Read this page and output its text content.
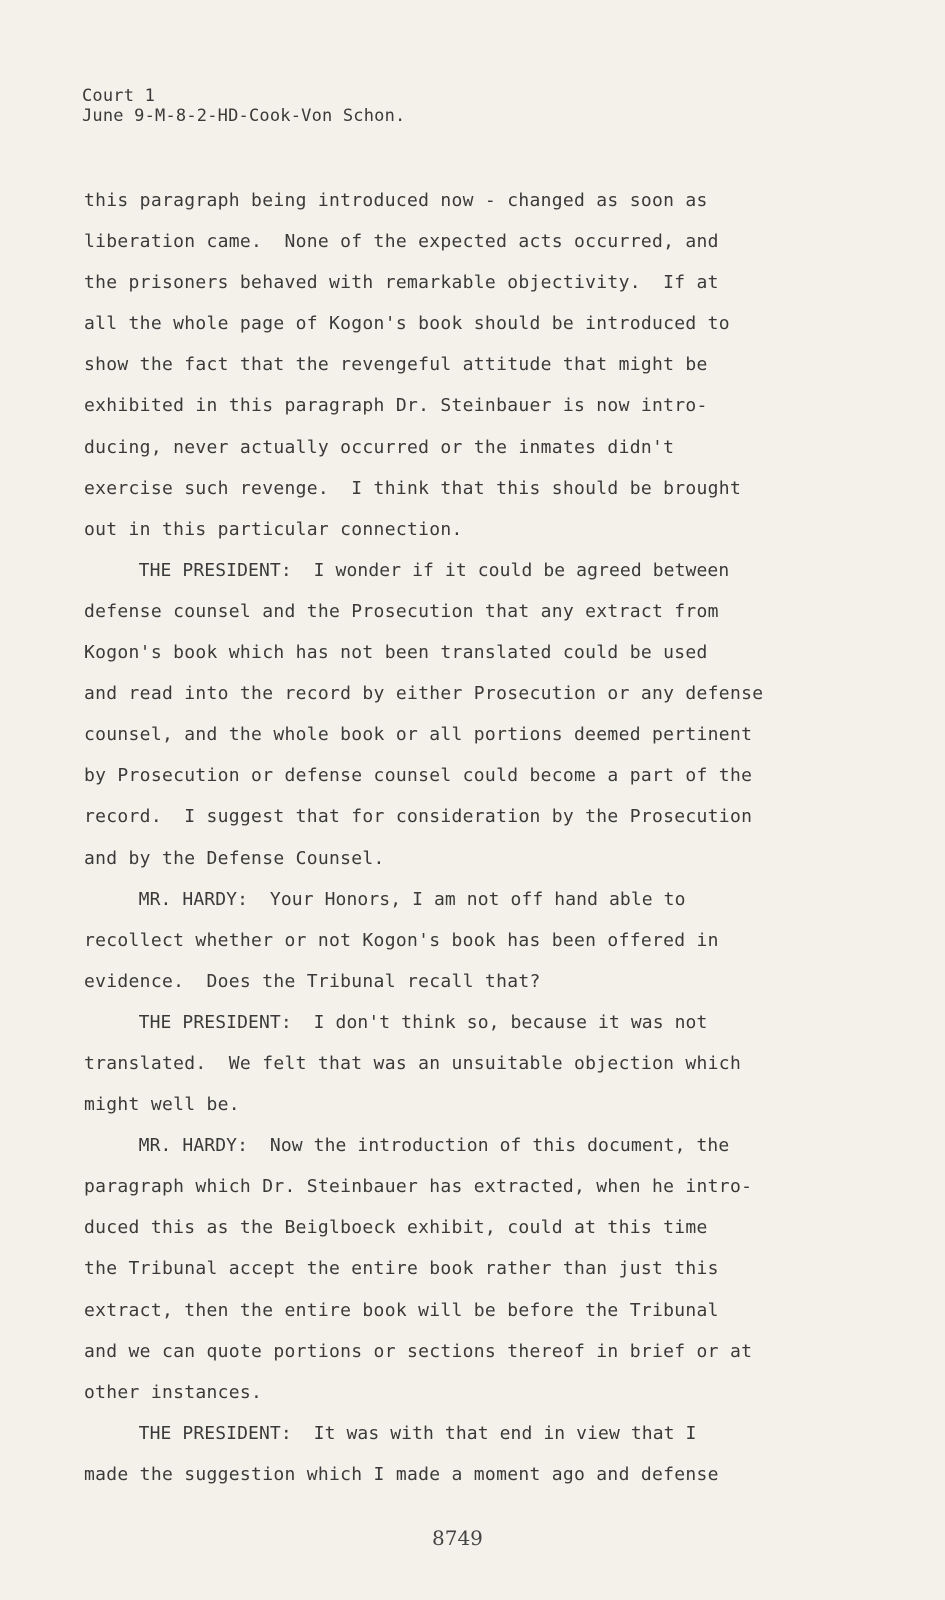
Court 1
June 9-M-8-2-HD-Cook-Von Schon.
this paragraph being introduced now - changed as soon as
liberation came.  None of the expected acts occurred, and
the prisoners behaved with remarkable objectivity.  If at
all the whole page of Kogon's book should be introduced to
show the fact that the revengeful attitude that might be
exhibited in this paragraph Dr. Steinbauer is now intro-
ducing, never actually occurred or the inmates didn't
exercise such revenge.  I think that this should be brought
out in this particular connection.
THE PRESIDENT:  I wonder if it could be agreed between
defense counsel and the Prosecution that any extract from
Kogon's book which has not been translated could be used
and read into the record by either Prosecution or any defense
counsel, and the whole book or all portions deemed pertinent
by Prosecution or defense counsel could become a part of the
record.  I suggest that for consideration by the Prosecution
and by the Defense Counsel.
MR. HARDY:  Your Honors, I am not off hand able to
recollect whether or not Kogon's book has been offered in
evidence.  Does the Tribunal recall that?
THE PRESIDENT:  I don't think so, because it was not
translated.  We felt that was an unsuitable objection which
might well be.
MR. HARDY:  Now the introduction of this document, the
paragraph which Dr. Steinbauer has extracted, when he intro-
duced this as the Beiglboeck exhibit, could at this time
the Tribunal accept the entire book rather than just this
extract, then the entire book will be before the Tribunal
and we can quote portions or sections thereof in brief or at
other instances.
THE PRESIDENT:  It was with that end in view that I
made the suggestion which I made a moment ago and defense
8749
